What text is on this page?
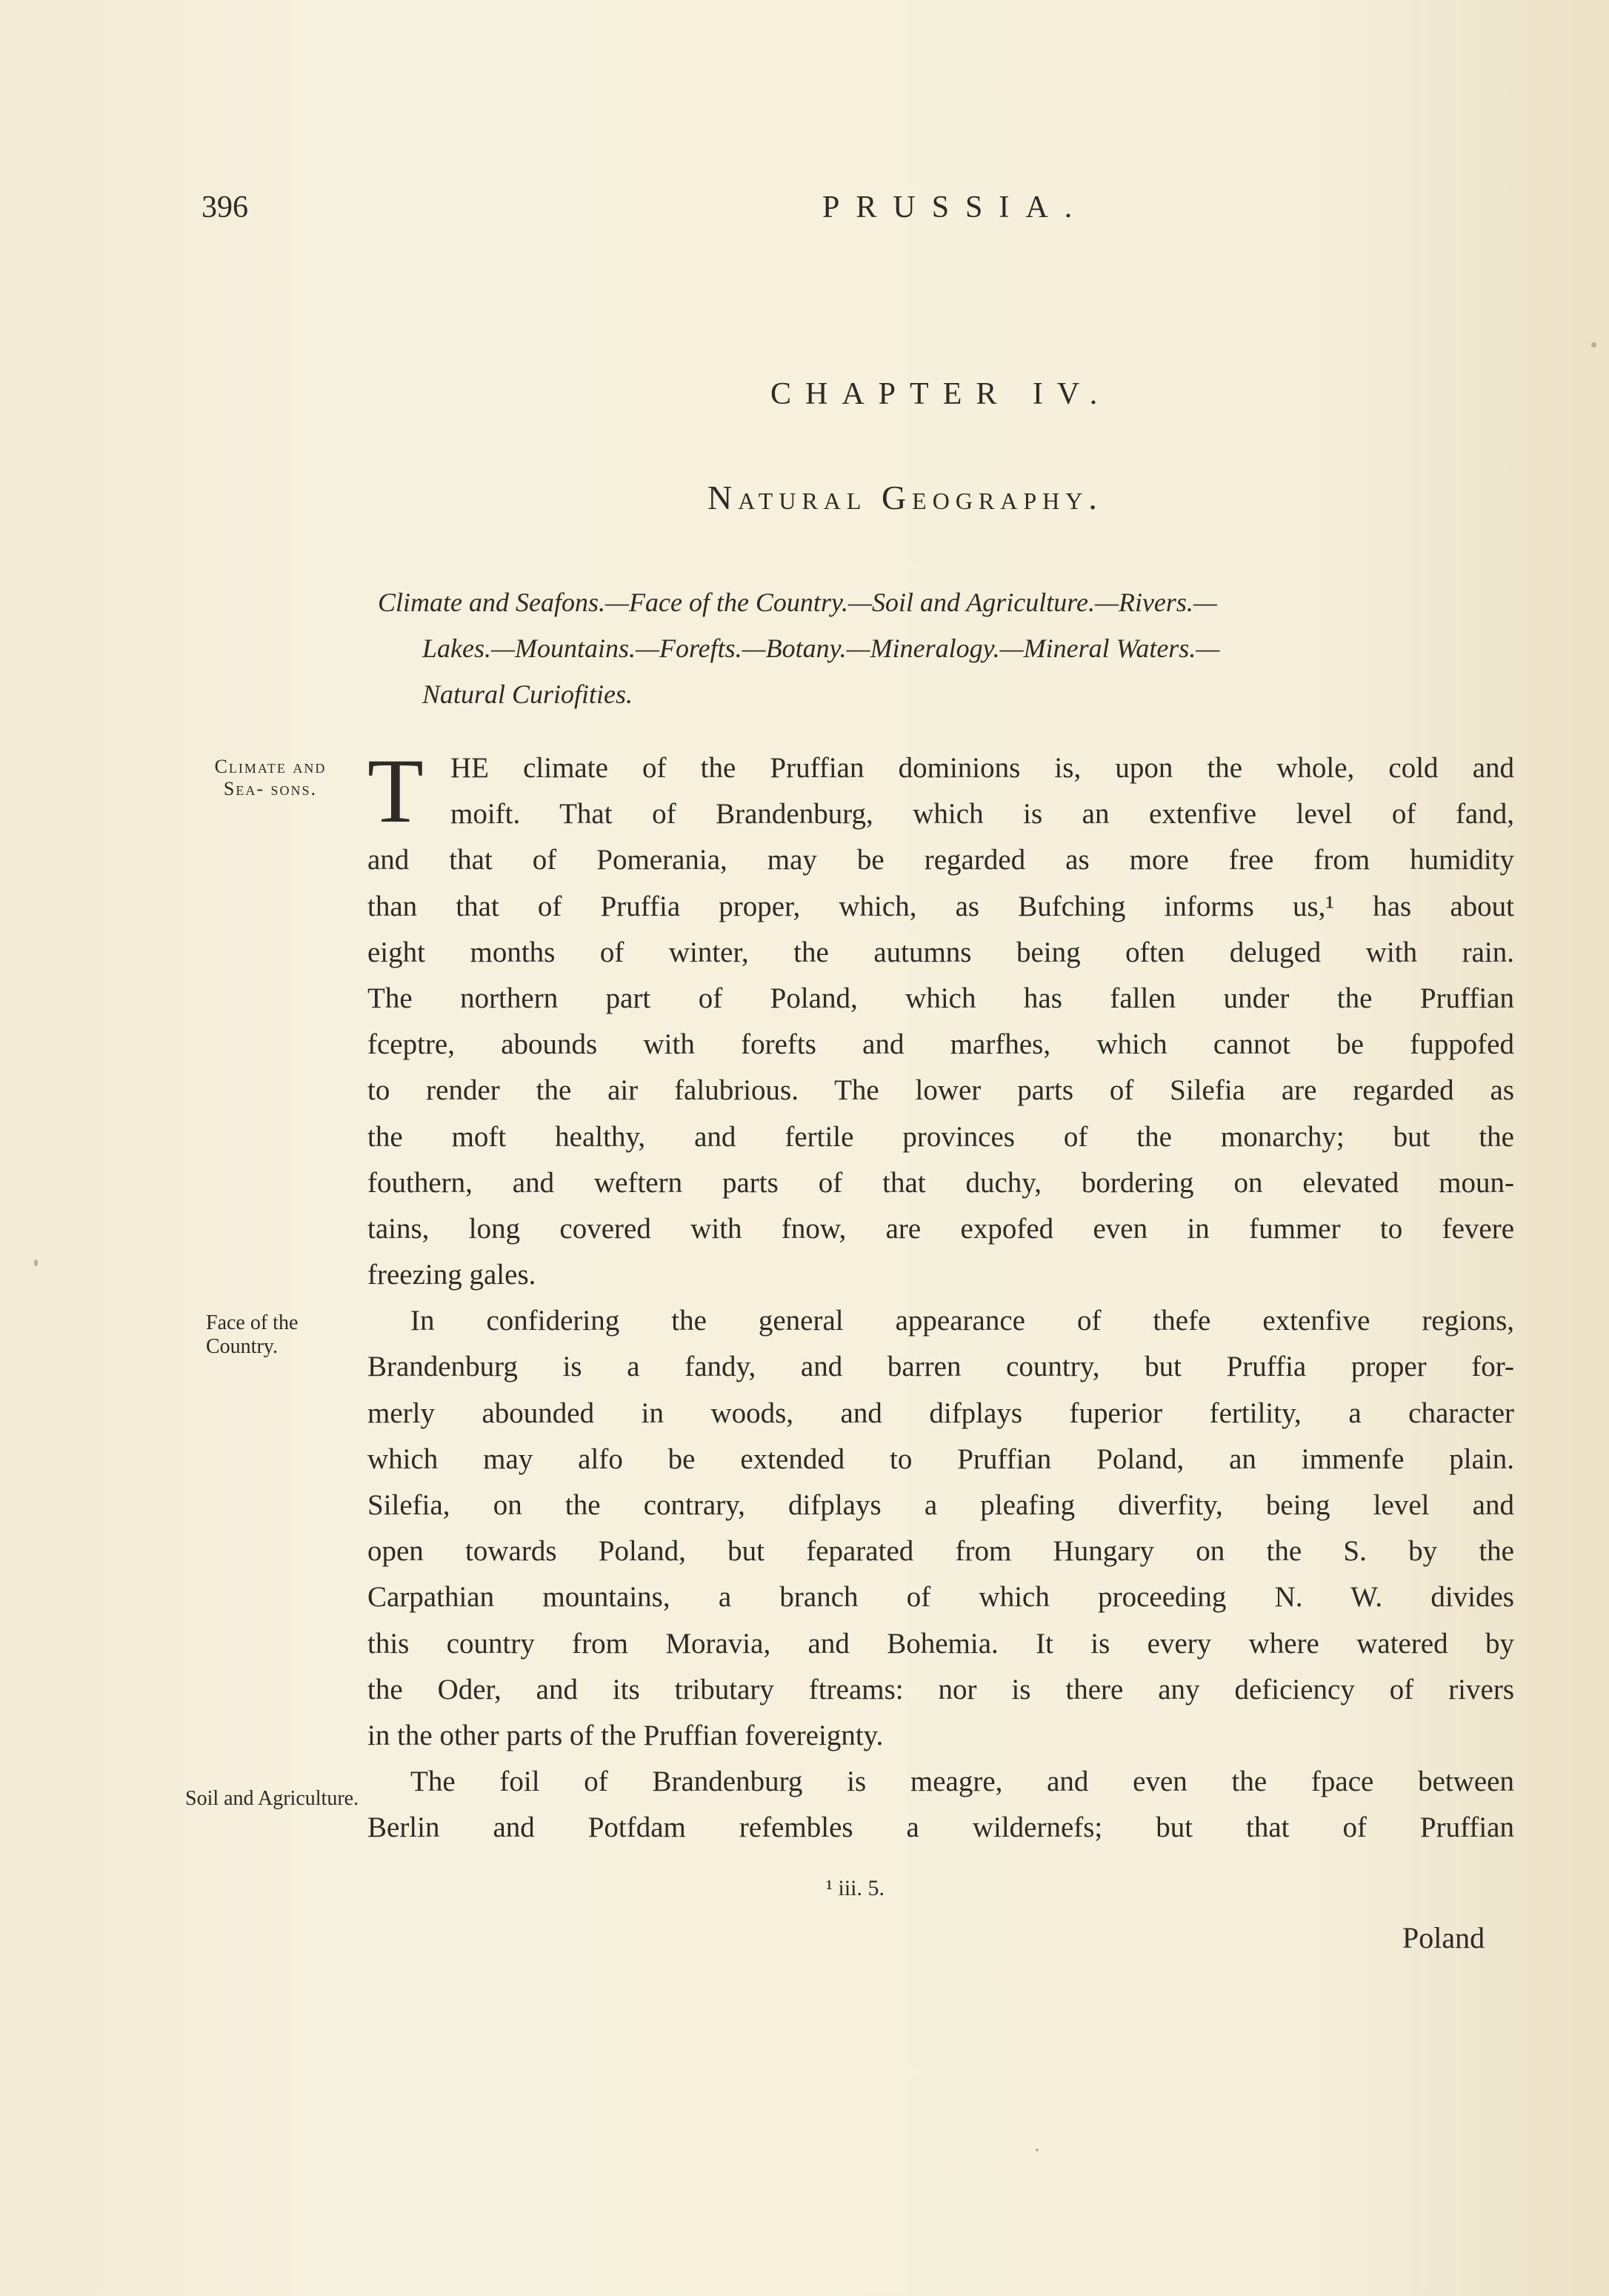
396	PRUSSIA.
CHAPTER IV.
Natural Geography.
Climate and Seafons.—Face of the Country.—Soil and Agriculture.—Rivers.—
Lakes.—Mountains.—Forefts.—Botany.—Mineralogy.—Mineral Waters.—
Natural Curiofities.
Climate and Sea- sons.
Face of the Country.
Soil and Agriculture.
T HE climate of the Pruffian dominions is, upon the whole, cold and
moift. That of Brandenburg, which is an extenfive level of fand,
and that of Pomerania, may be regarded as more free from humidity
than that of Pruffia proper, which, as Bufching informs us,¹ has about
eight months of winter, the autumns being often deluged with rain.
The northern part of Poland, which has fallen under the Pruffian
fceptre, abounds with forefts and marfhes, which cannot be fuppofed
to render the air falubrious. The lower parts of Silefia are regarded as
the moft healthy, and fertile provinces of the monarchy; but the
fouthern, and weftern parts of that duchy, bordering on elevated moun-
tains, long covered with fnow, are expofed even in fummer to fevere
freezing gales.
In confidering the general appearance of thefe extenfive regions,
Brandenburg is a fandy, and barren country, but Pruffia proper for-
merly abounded in woods, and difplays fuperior fertility, a character
which may alfo be extended to Pruffian Poland, an immenfe plain.
Silefia, on the contrary, difplays a pleafing diverfity, being level and
open towards Poland, but feparated from Hungary on the S. by the
Carpathian mountains, a branch of which proceeding N. W. divides
this country from Moravia, and Bohemia. It is every where watered by
the Oder, and its tributary ftreams: nor is there any deficiency of rivers
in the other parts of the Pruffian fovereignty.
The foil of Brandenburg is meagre, and even the fpace between
Berlin and Potfdam refembles a wildernefs; but that of Pruffian
¹ iii. 5.
Poland
